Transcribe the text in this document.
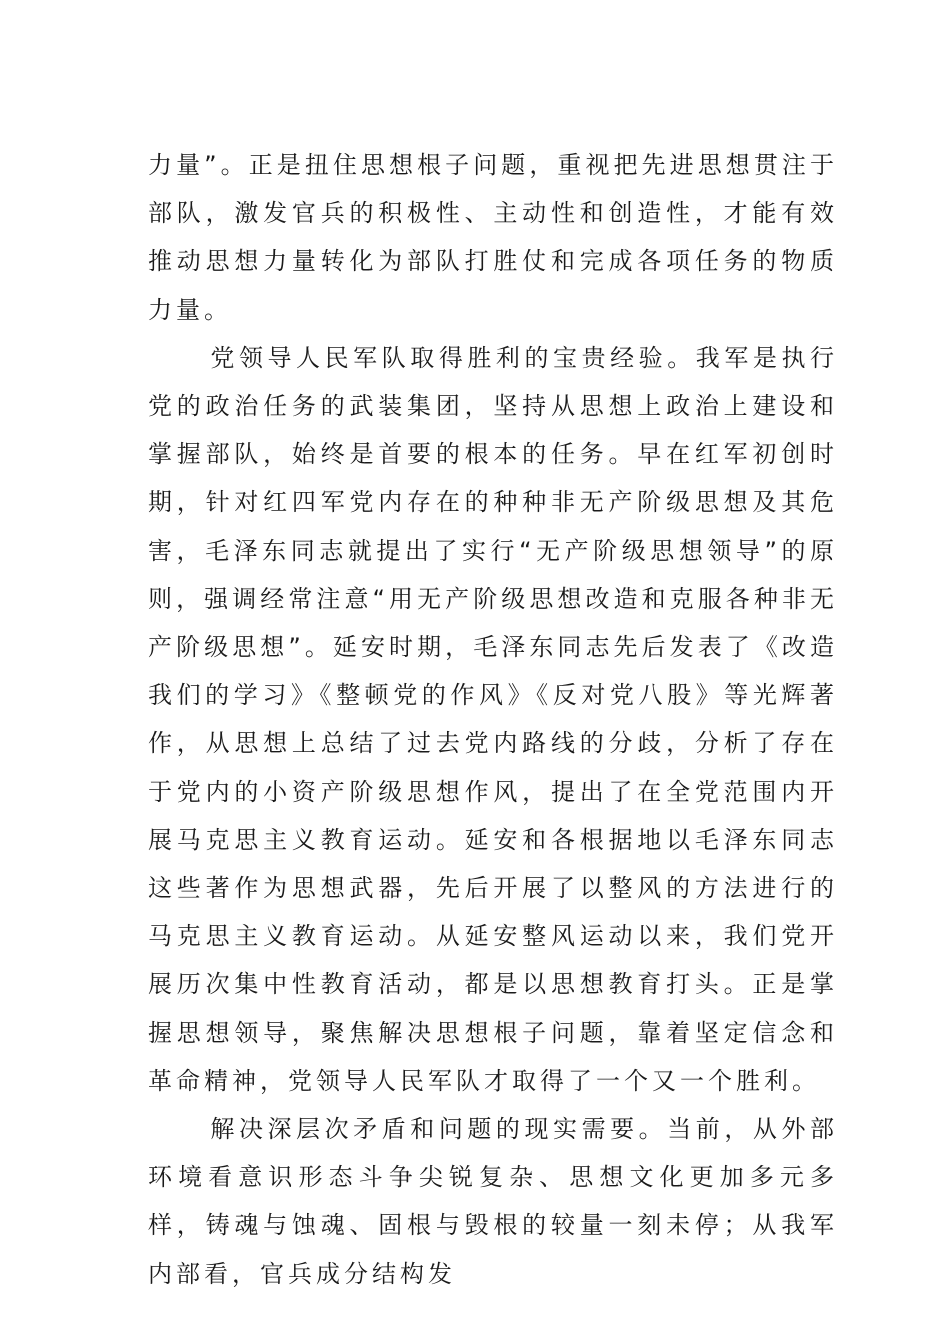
力量”。正是扭住思想根子问题，重视把先进思想贯注于部队，激发官兵的积极性、主动性和创造性，才能有效推动思想力量转化为部队打胜仗和完成各项任务的物质力量。

党领导人民军队取得胜利的宝贵经验。我军是执行党的政治任务的武装集团，坚持从思想上政治上建设和掌握部队，始终是首要的根本的任务。早在红军初创时期，针对红四军党内存在的种种非无产阶级思想及其危害，毛泽东同志就提出了实行“无产阶级思想领导”的原则，强调经常注意“用无产阶级思想改造和克服各种非无产阶级思想”。延安时期，毛泽东同志先后发表了《改造我们的学习》《整顿党的作风》《反对党八股》等光辉著作，从思想上总结了过去党内路线的分歧，分析了存在于党内的小资产阶级思想作风，提出了在全党范围内开展马克思主义教育运动。延安和各根据地以毛泽东同志这些著作为思想武器，先后开展了以整风的方法进行的马克思主义教育运动。从延安整风运动以来，我们党开展历次集中性教育活动，都是以思想教育打头。正是掌握思想领导，聚焦解决思想根子问题，靠着坚定信念和革命精神，党领导人民军队才取得了一个又一个胜利。

解决深层次矛盾和问题的现实需要。当前，从外部环境看意识形态斗争尖锐复杂、思想文化更加多元多样，铸魂与蚀魂、固根与毁根的较量一刻未停；从我军内部看，官兵成分结构发
